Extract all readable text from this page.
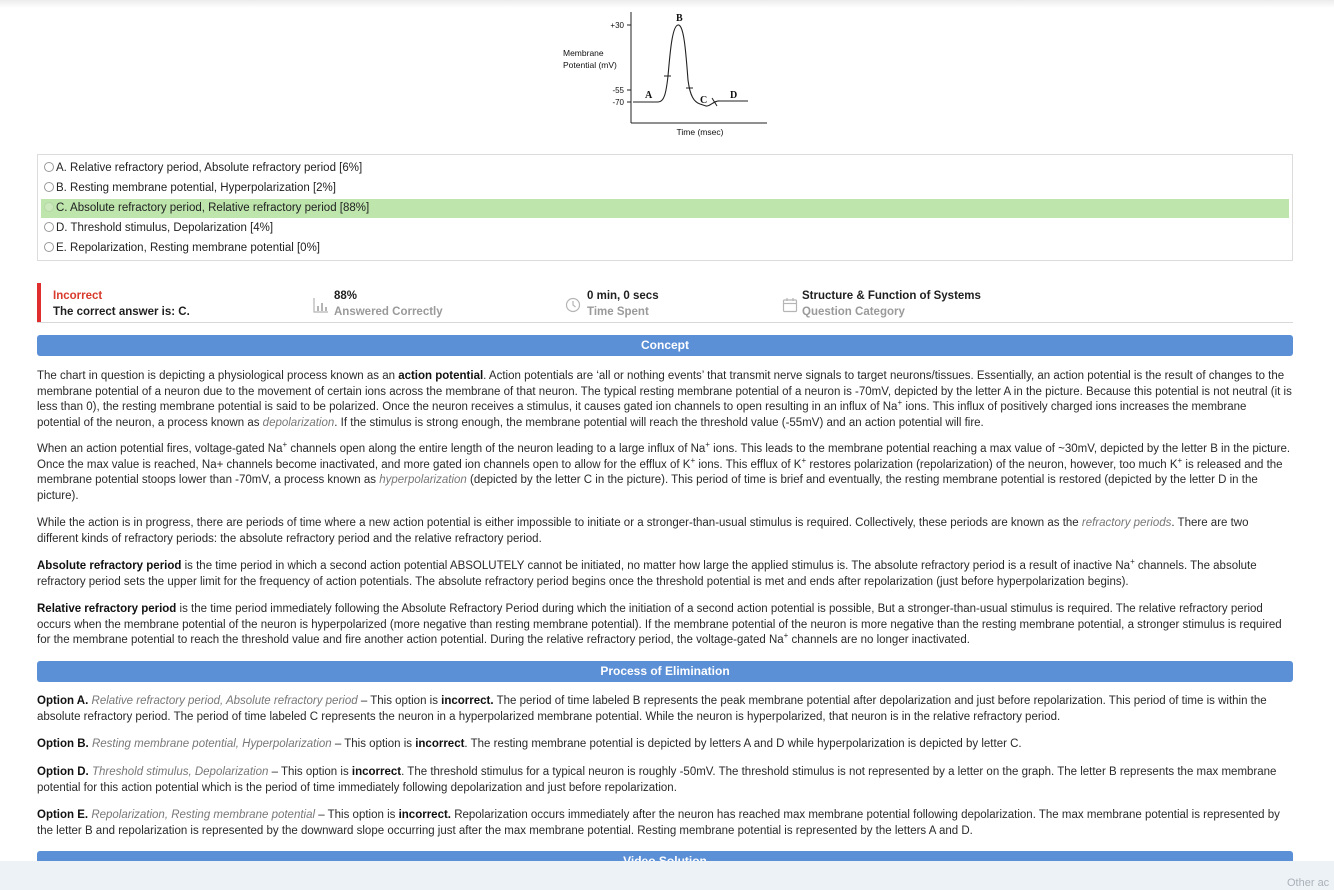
+30
-55
-70
Membrane
Potential (mV)
Time (msec)
A
B
C D
A. Relative refractory period, Absolute refractory period [6%]
B. Resting membrane potential, Hyperpolarization [2%]
C. Absolute refractory period, Relative refractory period [88%]
D. Threshold stimulus, Depolarization [4%]
E. Repolarization, Resting membrane potential [0%]
Incorrect
The correct answer is: C.
88%
Answered Correctly
0 min, 0 secs
Time Spent
Structure & Function of Systems
Question Category
Concept

The chart in question is depicting a physiological process known as an action potential. Action potentials are ‘all or nothing events’ that transmit nerve signals to target neurons/tissues. Essentially, an action potential is the result of changes to the membrane potential of a neuron due to the movement of certain ions across the membrane of that neuron. The typical resting membrane potential of a neuron is -70mV, depicted by the letter A in the picture. Because this potential is not neutral (it is less than 0), the resting membrane potential is said to be polarized. Once the neuron receives a stimulus, it causes gated ion channels to open resulting in an influx of Na+ ions. This influx of positively charged ions increases the membrane potential of the neuron, a process known as depolarization. If the stimulus is strong enough, the membrane potential will reach the threshold value (-55mV) and an action potential will fire.

When an action potential fires, voltage-gated Na+ channels open along the entire length of the neuron leading to a large influx of Na+ ions. This leads to the membrane potential reaching a max value of ~30mV, depicted by the letter B in the picture. Once the max value is reached, Na+ channels become inactivated, and more gated ion channels open to allow for the efflux of K+ ions. This efflux of K+ restores polarization (repolarization) of the neuron, however, too much K+ is released and the membrane potential stoops lower than -70mV, a process known as hyperpolarization (depicted by the letter C in the picture). This period of time is brief and eventually, the resting membrane potential is restored (depicted by the letter D in the picture).

While the action is in progress, there are periods of time where a new action potential is either impossible to initiate or a stronger-than-usual stimulus is required. Collectively, these periods are known as the refractory periods. There are two different kinds of refractory periods: the absolute refractory period and the relative refractory period.

Absolute refractory period is the time period in which a second action potential ABSOLUTELY cannot be initiated, no matter how large the applied stimulus is. The absolute refractory period is a result of inactive Na+ channels. The absolute refractory period sets the upper limit for the frequency of action potentials. The absolute refractory period begins once the threshold potential is met and ends after repolarization (just before hyperpolarization begins).

Relative refractory period is the time period immediately following the Absolute Refractory Period during which the initiation of a second action potential is possible, But a stronger-than-usual stimulus is required. The relative refractory period occurs when the membrane potential of the neuron is hyperpolarized (more negative than resting membrane potential). If the membrane potential of the neuron is more negative than the resting membrane potential, a stronger stimulus is required for the membrane potential to reach the threshold value and fire another action potential. During the relative refractory period, the voltage-gated Na+ channels are no longer inactivated.

Process of Elimination

Option A. Relative refractory period, Absolute refractory period – This option is incorrect. The period of time labeled B represents the peak membrane potential after depolarization and just before repolarization. This period of time is within the absolute refractory period. The period of time labeled C represents the neuron in a hyperpolarized membrane potential. While the neuron is hyperpolarized, that neuron is in the relative refractory period.

Option B. Resting membrane potential, Hyperpolarization – This option is incorrect. The resting membrane potential is depicted by letters A and D while hyperpolarization is depicted by letter C.

Option D. Threshold stimulus, Depolarization – This option is incorrect. The threshold stimulus for a typical neuron is roughly -50mV. The threshold stimulus is not represented by a letter on the graph. The letter B represents the max membrane potential for this action potential which is the period of time immediately following depolarization and just before repolarization.

Option E. Repolarization, Resting membrane potential – This option is incorrect. Repolarization occurs immediately after the neuron has reached max membrane potential following depolarization. The max membrane potential is represented by the letter B and repolarization is represented by the downward slope occurring just after the max membrane potential. Resting membrane potential is represented by the letters A and D.

Other ac
